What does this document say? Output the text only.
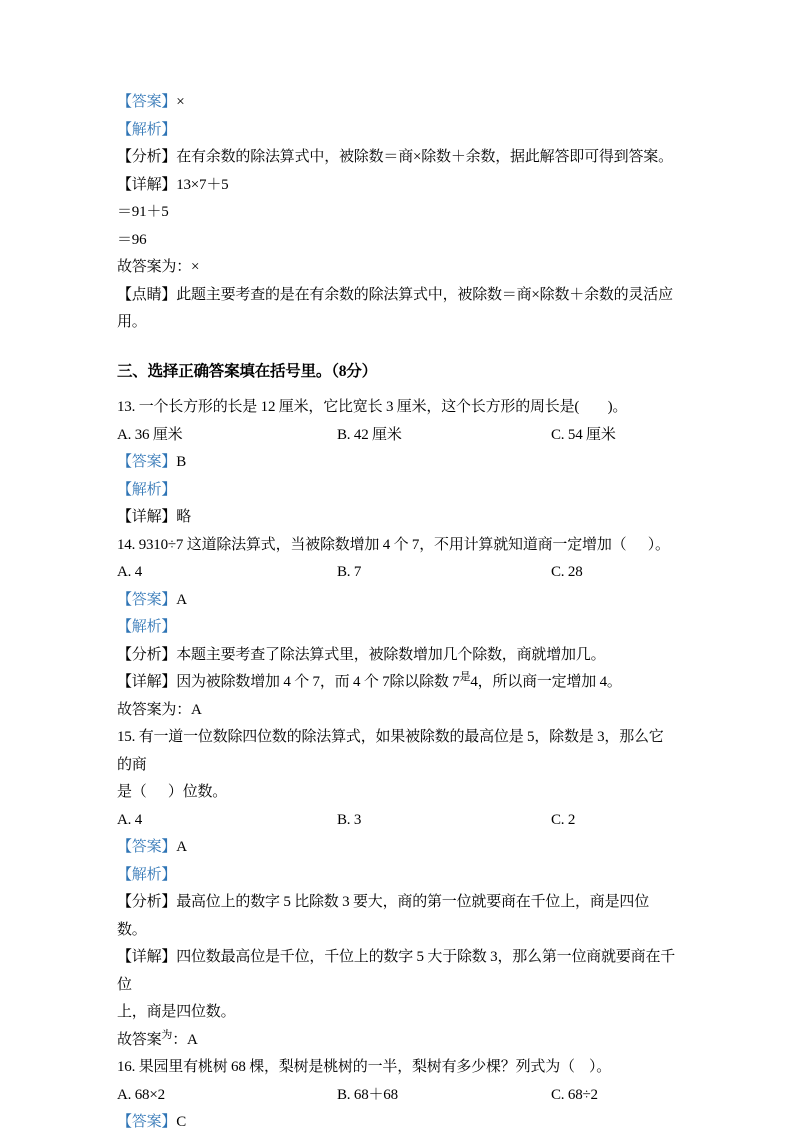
【答案】×

【解析】

【分析】在有余数的除法算式中，被除数＝商×除数＋余数，据此解答即可得到答案。

【详解】13×7＋5

＝91＋5

＝96

故答案为：×

【点睛】此题主要考查的是在有余数的除法算式中，被除数＝商×除数＋余数的灵活应用。

三、选择正确答案填在括号里。（8分）

13. 一个长方形的长是 12 厘米，它比宽长 3 厘米，这个长方形的周长是(        )。

A. 36 厘米	B. 42 厘米	C. 54 厘米

【答案】B

【解析】

【详解】略

14. 9310÷7 这道除法算式，当被除数增加 4 个 7，不用计算就知道商一定增加（      ）。

A. 4	B. 7	C. 28

【答案】A

【解析】

【分析】本题主要考查了除法算式里，被除数增加几个除数，商就增加几。

【详解】因为被除数增加 4 个 7，而 4 个 7除以除数 $7^是4$，所以商一定增加 4。

故答案为：A

15. 有一道一位数除四位数的除法算式，如果被除数的最高位是 5，除数是 3，那么它的商

是（      ）位数。

A. 4	B. 3	C. 2

【答案】A

【解析】

【分析】最高位上的数字 5 比除数 3 要大，商的第一位就要商在千位上，商是四位数。

【详解】四位数最高位是千位，千位上的数字 5 大于除数 3，那么第一位商就要商在千位

上，商是四位数。

故答案$^为$：A

16. 果园里有桃树 68 棵，梨树是桃树的一半，梨树有多少棵？列式为（    ）。

A. 68×2	B. 68＋68	C. 68÷2

【答案】C
